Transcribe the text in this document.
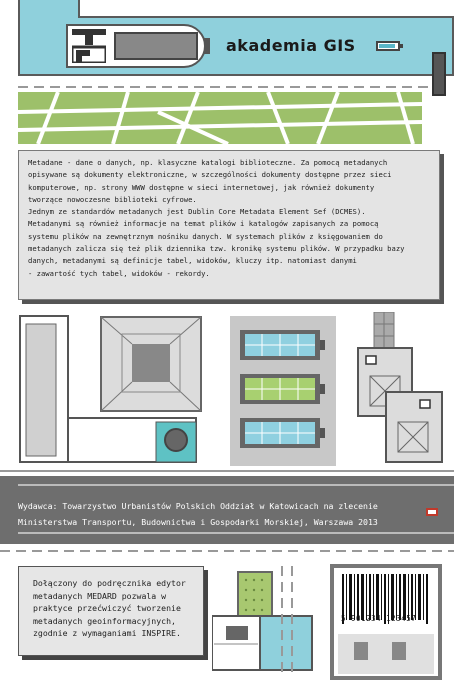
akademia GIS
Metadane - dane o danych, np. klasyczne katalogi biblioteczne. Za pomocą metadanych
opisywane są dokumenty elektroniczne, w szczególności dokumenty dostępne przez sieci
komputerowe, np. strony WWW dostępne w sieci internetowej, jak również dokumenty
tworzące nowoczesne biblioteki cyfrowe.
Jednym ze standardów metadanych jest Dublin Core Metadata Element Sef (DCMES).
Metadanymi są również informacje na temat plików i katalogów zapisanych za pomocą
systemu plików na zewnętrznym nośniku danych. W systemach plików z księgowaniem do
metadanych zalicza się też plik dziennika tzw. kronikę systemu plików. W przypadku bazy
danych, metadanymi są definicje tabel, widoków, kluczy itp. natomiast danymi
- zawartość tych tabel, widoków - rekordy.
Wydawca: Towarzystwo Urbanistów Polskich Oddział w Katowicach na zlecenie
Ministerstwa Transportu, Budownictwa i Gospodarki Morskiej, Warszawa 2013
Dołączony do podręcznika edytor
metadanych MEDARD pozwala w
praktyce przećwiczyć tworzenie
metadanych geoinformacyjnych,
zgodnie z wymaganiami INSPIRE.
5 901234 123457
